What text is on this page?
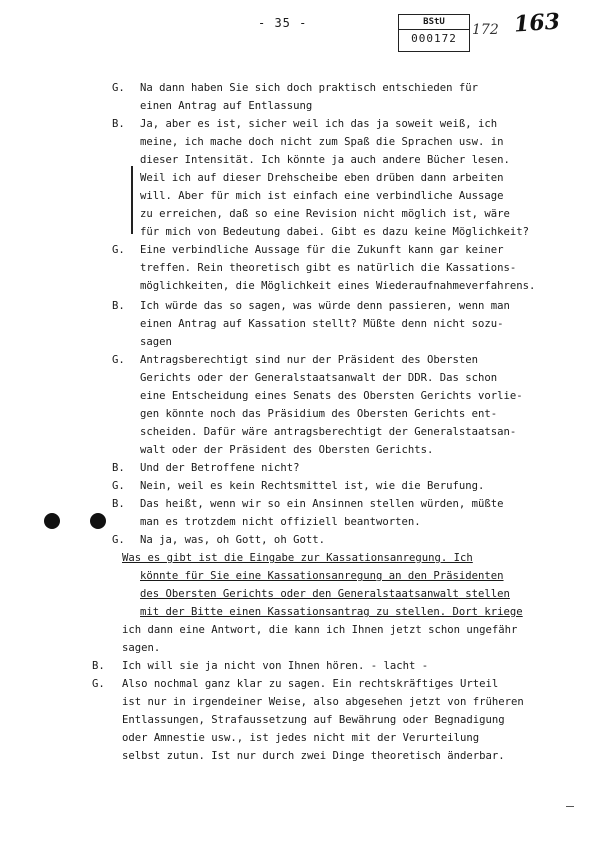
- 35 -	BStU
000172
172 163
G. Na dann haben Sie sich doch praktisch entschieden für
einen Antrag auf Entlassung
B. Ja, aber es ist, sicher weil ich das ja soweit weiß, ich
meine, ich mache doch nicht zum Spaß die Sprachen usw. in
dieser Intensität. Ich könnte ja auch andere Bücher lesen.
Weil ich auf dieser Drehscheibe eben drüben dann arbeiten
will. Aber für mich ist einfach eine verbindliche Aussage
zu erreichen, daß so eine Revision nicht möglich ist, wäre
für mich von Bedeutung dabei. Gibt es dazu keine Möglichkeit?
G. Eine verbindliche Aussage für die Zukunft kann gar keiner
treffen. Rein theoretisch gibt es natürlich die Kassations-
möglichkeiten, die Möglichkeit eines Wiederaufnahmeverfahrens.
B. Ich würde das so sagen, was würde denn passieren, wenn man
einen Antrag auf Kassation stellt? Müßte denn nicht sozu-
sagen
G. Antragsberechtigt sind nur der Präsident des Obersten
Gerichts oder der Generalstaatsanwalt der DDR. Das schon
eine Entscheidung eines Senats des Obersten Gerichts vorlie-
gen könnte noch das Präsidium des Obersten Gerichts ent-
scheiden. Dafür wäre antragsberechtigt der Generalstaatsan-
walt oder der Präsident des Obersten Gerichts.
B. Und der Betroffene nicht?
G. Nein, weil es kein Rechtsmittel ist, wie die Berufung.
B. Das heißt, wenn wir so ein Ansinnen stellen würden, müßte
man es trotzdem nicht offiziell beantworten.
G. Na ja, was, oh Gott, oh Gott.
Was es gibt ist die Eingabe zur Kassationsanregung. Ich
könnte für Sie eine Kassationsanregung an den Präsidenten
des Obersten Gerichts oder den Generalstaatsanwalt stellen
mit der Bitte einen Kassationsantrag zu stellen. Dort kriege
ich dann eine Antwort, die kann ich Ihnen jetzt schon ungefähr
sagen.
B. Ich will sie ja nicht von Ihnen hören. - lacht -
G. Also nochmal ganz klar zu sagen. Ein rechtskräftiges Urteil
ist nur in irgendeiner Weise, also abgesehen jetzt von früheren
Entlassungen, Strafaussetzung auf Bewährung oder Begnadigung
oder Amnestie usw., ist jedes nicht mit der Verurteilung
selbst zutun. Ist nur durch zwei Dinge theoretisch änderbar.
